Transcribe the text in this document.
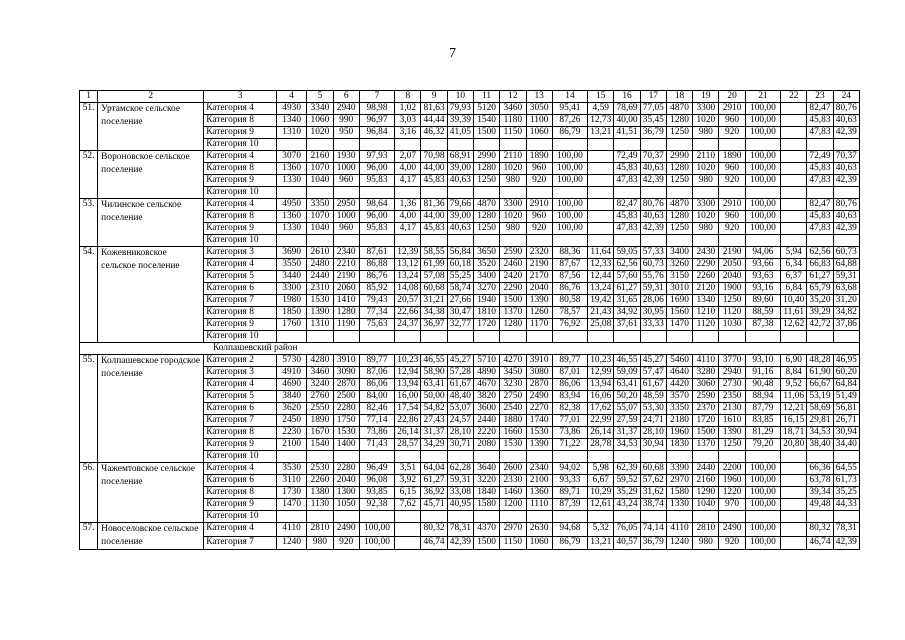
7
1	2	3	4	5	6	7	8	9	10	11	12	13	14	15	16	17	18	19	20	21	22	23	24
51.	Уртамское сельское поселение	Категория 4	4930	3340	2940	98,98	1,02	81,63	79,93	5120	3460	3050	95,41	4,59	78,69	77,05	4870	3300	2910	100,00		82,47	80,76
		Категория 8	1340	1060	990	96,97	3,03	44,44	39,39	1540	1180	1100	87,26	12,73	40,00	35,45	1280	1020	960	100,00		45,83	40,63
		Категория 9	1310	1020	950	96,84	3,16	46,32	41,05	1500	1150	1060	86,79	13,21	41,51	36,79	1250	980	920	100,00		47,83	42,39
		Категория 10																					
52.	Вороновское сельское поселение	Категория 4	3070	2160	1930	97,93	2,07	70,98	68,91	2990	2110	1890	100,00		72,49	70,37	2990	2110	1890	100,00		72,49	70,37
		Категория 8	1360	1070	1000	96,00	4,00	44,00	39,00	1280	1020	960	100,00		45,83	40,63	1280	1020	960	100,00		45,83	40,63
		Категория 9	1330	1040	960	95,83	4,17	45,83	40,63	1250	980	920	100,00		47,83	42,39	1250	980	920	100,00		47,83	42,39
		Категория 10																					
53.	Чилинское сельское поселение	Категория 4	4950	3350	2950	98,64	1,36	81,36	79,66	4870	3300	2910	100,00		82,47	80,76	4870	3300	2910	100,00		82,47	80,76
		Категория 8	1360	1070	1000	96,00	4,00	44,00	39,00	1280	1020	960	100,00		45,83	40,63	1280	1020	960	100,00		45,83	40,63
		Категория 9	1330	1040	960	95,83	4,17	45,83	40,63	1250	980	920	100,00		47,83	42,39	1250	980	920	100,00		47,83	42,39
		Категория 10																					
54.	Кожевниковское сельское поселение	Категория 3	3690	2610	2340	87,61	12,39	58,55	56,84	3650	2590	2320	88,36	11,64	59,05	57,33	3400	2430	2190	94,06	5,94	62,56	60,73
		Категория 4	3550	2480	2210	86,88	13,12	61,99	60,18	3520	2460	2190	87,67	12,33	62,56	60,73	3260	2290	2050	93,66	6,34	66,83	64,88
		Категория 5	3440	2440	2190	86,76	13,24	57,08	55,25	3400	2420	2170	87,56	12,44	57,60	55,76	3150	2260	2040	93,63	6,37	61,27	59,31
		Категория 6	3300	2310	2060	85,92	14,08	60,68	58,74	3270	2290	2040	86,76	13,24	61,27	59,31	3010	2120	1900	93,16	6,84	65,79	63,68
		Категория 7	1980	1530	1410	79,43	20,57	31,21	27,66	1940	1500	1390	80,58	19,42	31,65	28,06	1690	1340	1250	89,60	10,40	35,20	31,20
		Категория 8	1850	1390	1280	77,34	22,66	34,38	30,47	1810	1370	1260	78,57	21,43	34,92	30,95	1560	1210	1120	88,59	11,61	39,29	34,82
		Категория 9	1760	1310	1190	75,63	24,37	36,97	32,77	1720	1280	1170	76,92	25,08	37,61	33,33	1470	1120	1030	87,38	12,62	42,72	37,86
		Категория 10																					
		Колпашевский район																					
55.	Колпашевское городское поселение	Категория 2	5730	4280	3910	89,77	10,23	46,55	45,27	5710	4270	3910	89,77	10,23	46,55	45,27	5460	4110	3770	93,10	6,90	48,28	46,95
		Категория 3	4910	3460	3090	87,06	12,94	58,90	57,28	4890	3450	3080	87,01	12,99	59,09	57,47	4640	3280	2940	91,16	8,84	61,90	60,20
		Категория 4	4690	3240	2870	86,06	13,94	63,41	61,67	4670	3230	2870	86,06	13,94	63,41	61,67	4420	3060	2730	90,48	9,52	66,67	64,84
		Категория 5	3840	2760	2500	84,00	16,00	50,00	48,40	3820	2750	2490	83,94	16,06	50,20	48,59	3570	2590	2350	88,94	11,06	53,19	51,49
		Категория 6	3620	2550	2280	82,46	17,54	54,82	53,07	3600	2540	2270	82,38	17,62	55,07	53,30	3350	2370	2130	87,79	12,21	58,69	56,81
		Категория 7	2450	1890	1750	77,14	22,86	27,43	24,57	2440	1880	1740	77,01	22,99	27,59	24,71	2180	1720	1610	83,85	16,15	29,81	26,71
		Категория 8	2230	1670	1530	73,86	26,14	31,37	28,10	2220	1660	1530	73,86	26,14	31,37	28,10	1960	1500	1390	81,29	18,71	34,53	30,94
		Категория 9	2100	1540	1400	71,43	28,57	34,29	30,71	2080	1530	1390	71,22	28,78	34,53	30,94	1830	1370	1250	79,20	20,80	38,40	34,40
		Категория 10																					
56.	Чажемтовское сельское поселение	Категория 4	3530	2530	2280	96,49	3,51	64,04	62,28	3640	2600	2340	94,02	5,98	62,39	60,68	3390	2440	2200	100,00		66,36	64,55
		Категория 6	3110	2260	2040	96,08	3,92	61,27	59,31	3220	2330	2100	93,33	6,67	59,52	57,62	2970	2160	1960	100,00		63,78	61,73
		Категория 8	1730	1380	1300	93,85	6,15	36,92	33,08	1840	1460	1360	89,71	10,29	35,29	31,62	1580	1290	1220	100,00		39,34	35,25
		Категория 9	1470	1130	1050	92,38	7,62	45,71	40,95	1580	1200	1110	87,39	12,61	43,24	38,74	1330	1040	970	100,00		49,48	44,33
		Категория 10																					
57.	Новоселовское сельское поселение	Категория 4	4110	2810	2490	100,00		80,32	78,31	4370	2970	2630	94,68	5,32	76,05	74,14	4110	2810	2490	100,00		80,32	78,31
		Категория 7	1240	980	920	100,00		46,74	42,39	1500	1150	1060	86,79	13,21	40,57	36,79	1240	980	920	100,00		46,74	42,39
